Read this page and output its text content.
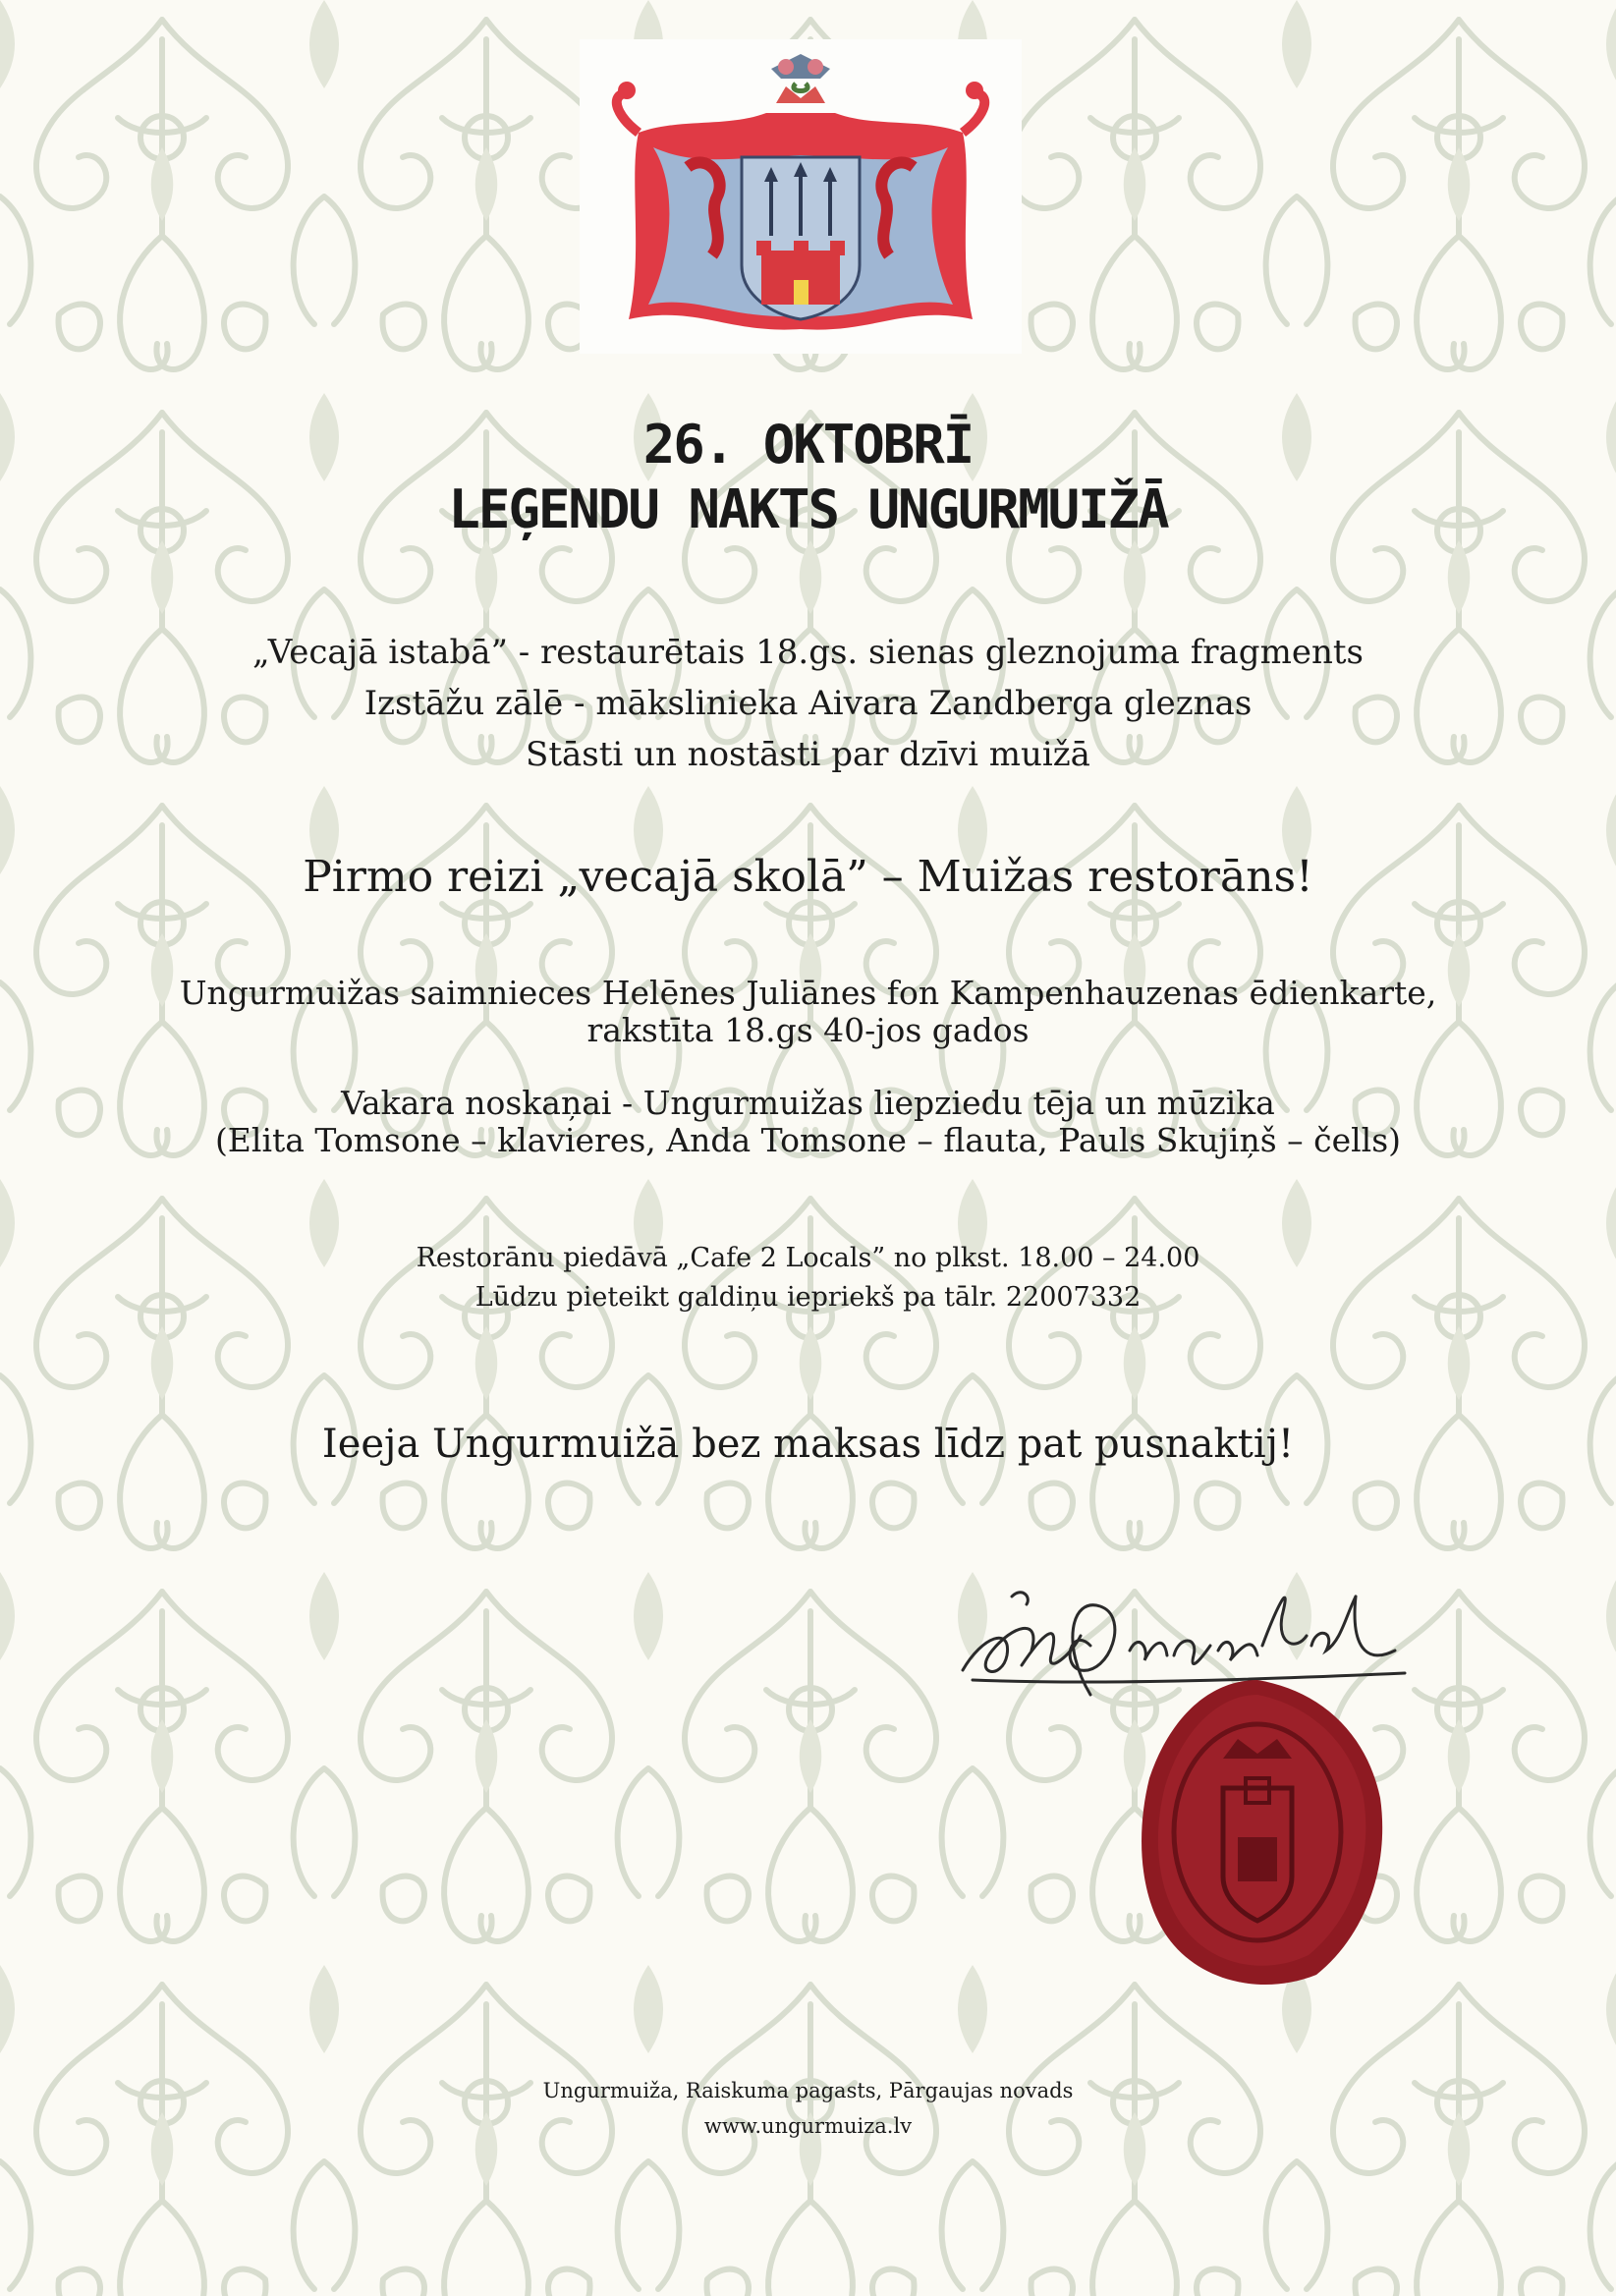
26. OKTOBRĪ

LEĢENDU NAKTS UNGURMUIŽĀ

„Vecajā istabā” - restaurētais 18.gs. sienas gleznojuma fragments
Izstāžu zālē - mākslinieka Aivara Zandberga gleznas
Stāsti un nostāsti par dzīvi muižā
Pirmo reizi „vecajā skolā” – Muižas restorāns!
Ungurmuižas saimnieces Helēnes Juliānes fon Kampenhauzenas ēdienkarte,
rakstīta 18.gs 40-jos gados
Vakara noskaņai - Ungurmuižas liepziedu tēja un mūzika
(Elita Tomsone – klavieres, Anda Tomsone – flauta, Pauls Skujiņš – čells)
Restorānu piedāvā „Cafe 2 Locals” no plkst. 18.00 – 24.00
Lūdzu pieteikt galdiņu iepriekš pa tālr. 22007332
Ieeja Ungurmuižā bez maksas līdz pat pusnaktij!
Ungurmuiža, Raiskuma pagasts, Pārgaujas novads
www.ungurmuiza.lv
